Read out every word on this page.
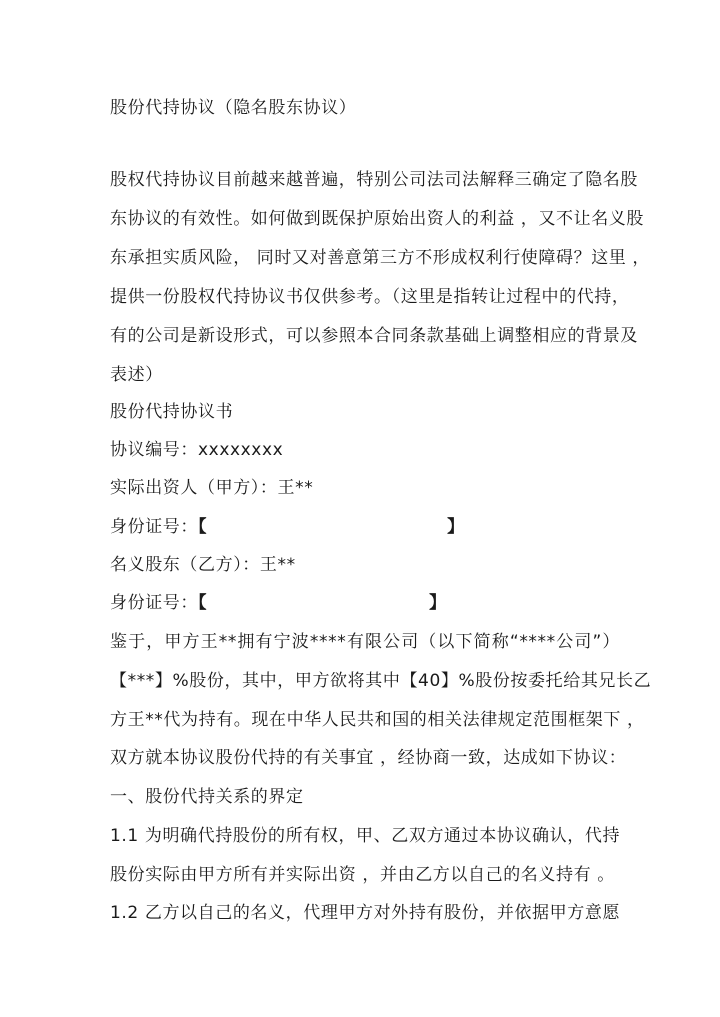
股份代持协议（隐名股东协议）
股权代持协议目前越来越普遍，特别公司法司法解释三确定了隐名股
东协议的有效性。如何做到既保护原始出资人的利益 ，又不让名义股
东承担实质风险， 同时又对善意第三方不形成权利行使障碍？这里 ，
提供一份股权代持协议书仅供参考。（这里是指转让过程中的代持，
有的公司是新设形式，可以参照本合同条款基础上调整相应的背景及
表述）
股份代持协议书
协议编号：xxxxxxxx
实际出资人（甲方）：王**
身份证号：【	】
名义股东（乙方）：王**
身份证号：【	】
鉴于，甲方王**拥有宁波****有限公司（以下简称“****公司”）
【***】%股份，其中，甲方欲将其中【40】%股份按委托给其兄长乙
方王**代为持有。现在中华人民共和国的相关法律规定范围框架下 ，
双方就本协议股份代持的有关事宜 ，经协商一致，达成如下协议：
一、股份代持关系的界定
1.1 为明确代持股份的所有权，甲、乙双方通过本协议确认，代持
股份实际由甲方所有并实际出资 ，并由乙方以自己的名义持有 。
1.2 乙方以自己的名义，代理甲方对外持有股份，并依据甲方意愿
